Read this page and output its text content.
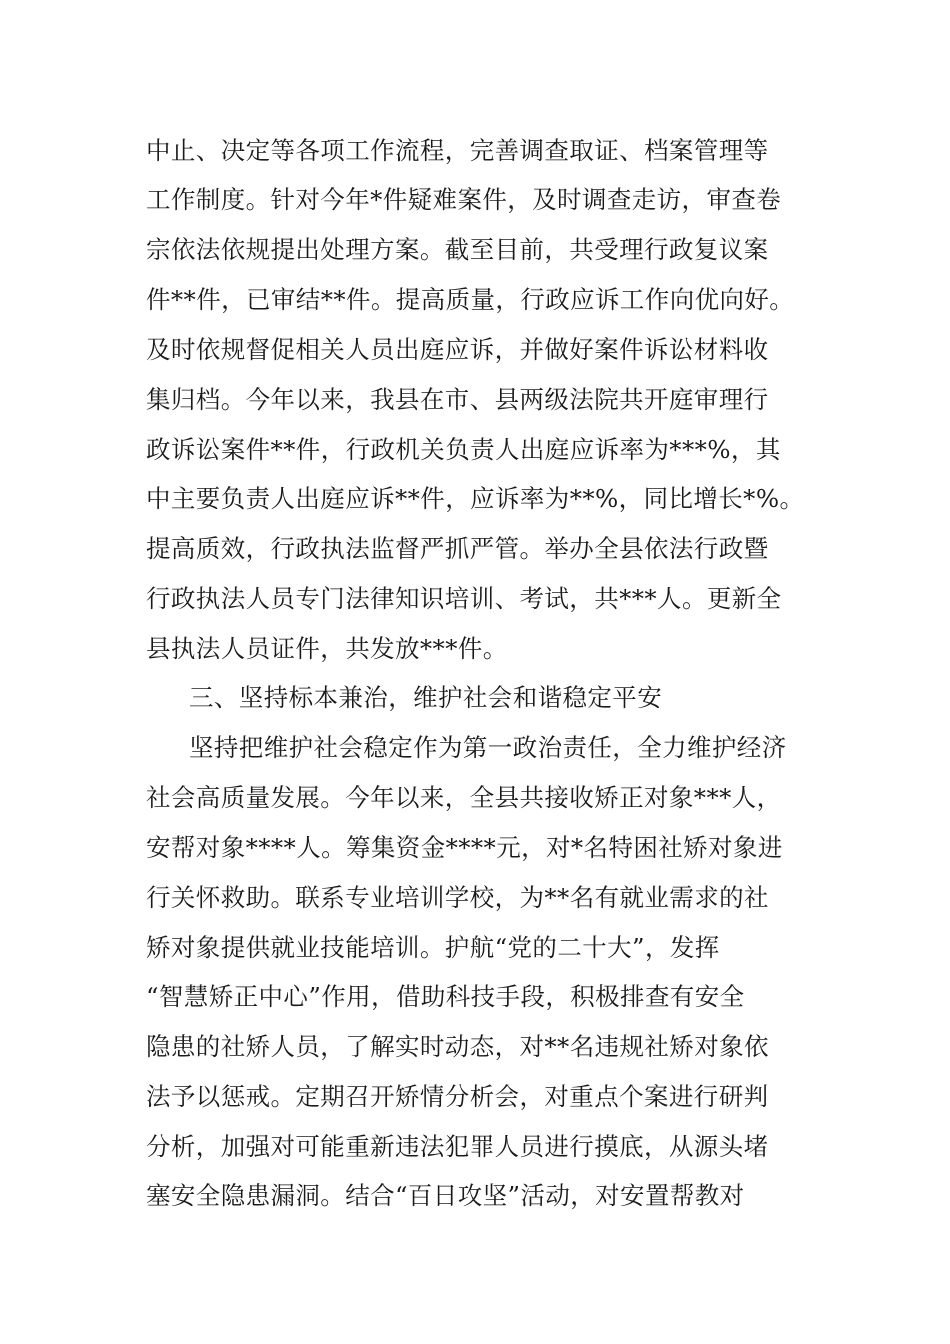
中止、决定等各项工作流程，完善调查取证、档案管理等
工作制度。针对今年*件疑难案件，及时调查走访，审查卷
宗依法依规提出处理方案。截至目前，共受理行政复议案
件**件，已审结**件。提高质量，行政应诉工作向优向好。
及时依规督促相关人员出庭应诉，并做好案件诉讼材料收
集归档。今年以来，我县在市、县两级法院共开庭审理行
政诉讼案件**件，行政机关负责人出庭应诉率为***%，其
中主要负责人出庭应诉**件，应诉率为**%，同比增长*%。
提高质效，行政执法监督严抓严管。举办全县依法行政暨
行政执法人员专门法律知识培训、考试，共***人。更新全
县执法人员证件，共发放***件。
三、坚持标本兼治，维护社会和谐稳定平安
坚持把维护社会稳定作为第一政治责任，全力维护经济
社会高质量发展。今年以来，全县共接收矫正对象***人，
安帮对象****人。筹集资金****元，对*名特困社矫对象进
行关怀救助。联系专业培训学校，为**名有就业需求的社
矫对象提供就业技能培训。护航“党的二十大”，发挥
“智慧矫正中心”作用，借助科技手段，积极排查有安全
隐患的社矫人员，了解实时动态，对**名违规社矫对象依
法予以惩戒。定期召开矫情分析会，对重点个案进行研判
分析，加强对可能重新违法犯罪人员进行摸底，从源头堵
塞安全隐患漏洞。结合“百日攻坚”活动，对安置帮教对
